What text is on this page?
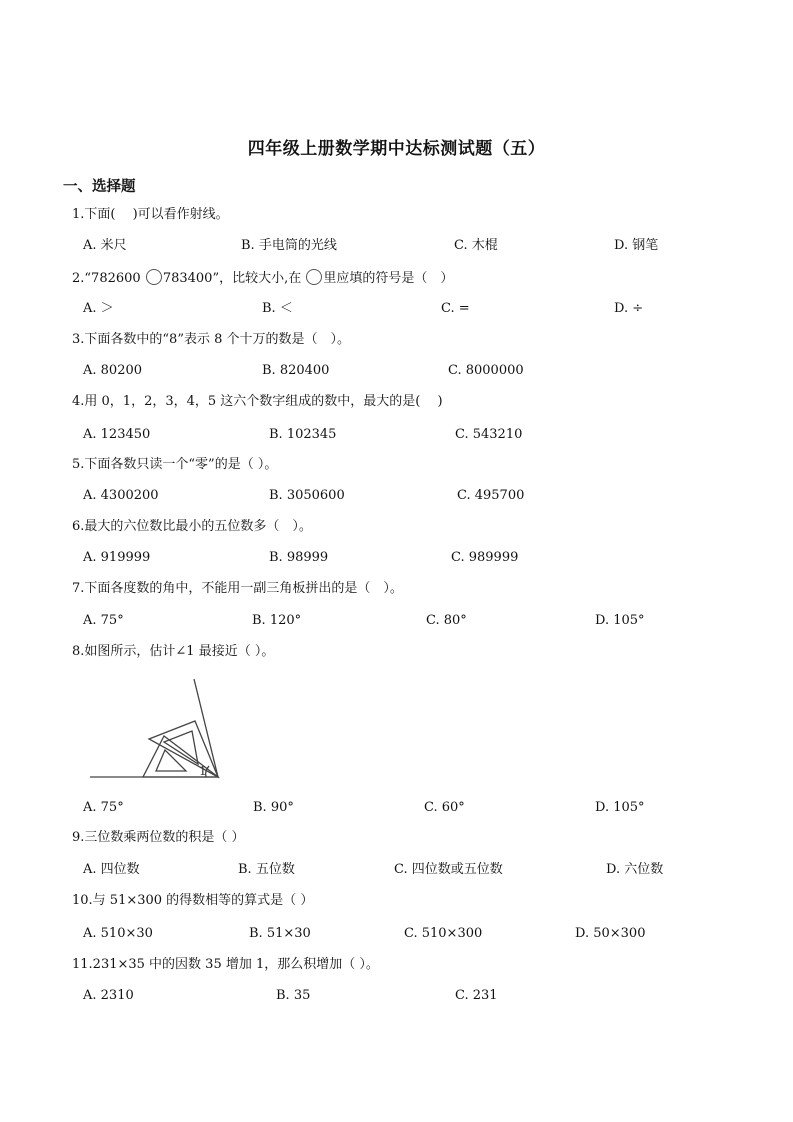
四年级上册数学期中达标测试题（五）
一、选择题
1.下面(　 )可以看作射线。
A. 米尺	B. 手电筒的光线	C. 木棍	D. 钢笔
2.“782600 783400”，比较大小,在 里应填的符号是（　）
A. ＞	B. ＜	C. =	D. ÷
3.下面各数中的“8”表示 8 个十万的数是（　）。
A. 80200	B. 820400	C. 8000000
4.用 0，1，2，3，4，5 这六个数字组成的数中，最大的是(　 )
A. 123450	B. 102345	C. 543210
5.下面各数只读一个“零”的是（ ）。
A. 4300200	B. 3050600	C. 495700
6.最大的六位数比最小的五位数多（　）。
A. 919999	B. 98999	C. 989999
7.下面各度数的角中，不能用一副三角板拼出的是（　）。
A. 75°	B. 120°	C. 80°	D. 105°
8.如图所示，估计∠1 最接近（ ）。
1
A. 75°	B. 90°	C. 60°	D. 105°
9.三位数乘两位数的积是（ ）
A. 四位数	B. 五位数	C. 四位数或五位数	D. 六位数
10.与 51×300 的得数相等的算式是（ ）
A. 510×30	B. 51×30	C. 510×300	D. 50×300
11.231×35 中的因数 35 增加 1，那么积增加（ ）。
A. 2310	B. 35	C. 231
